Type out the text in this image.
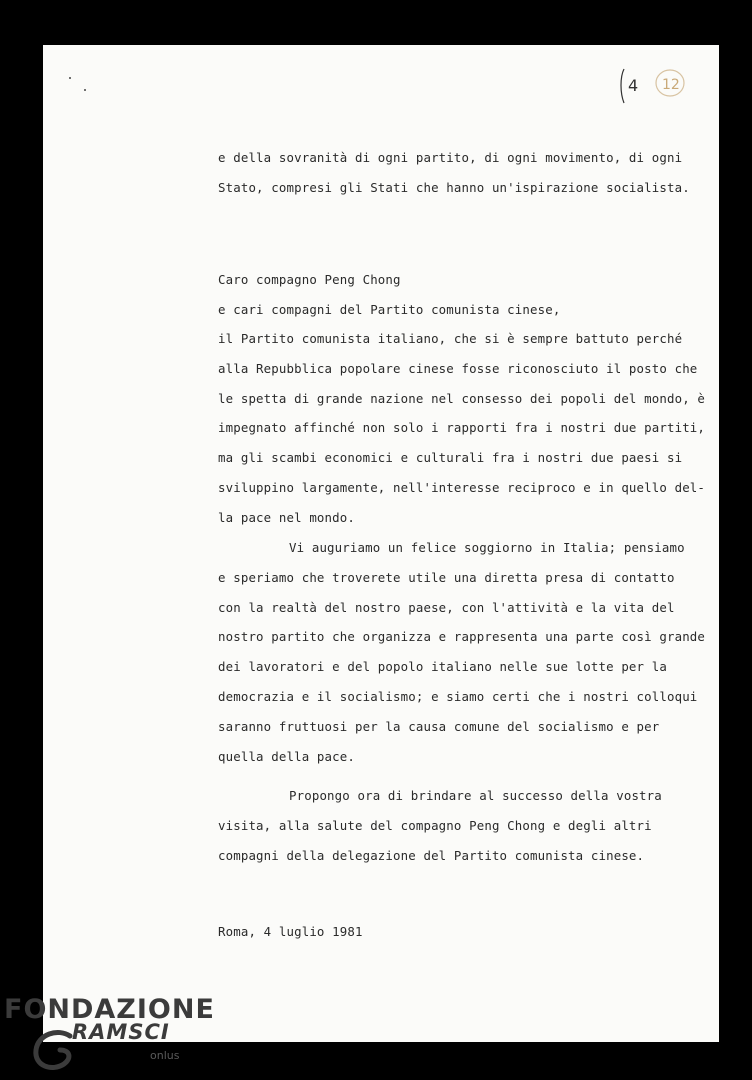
4 12
e della sovranità di ogni partito, di ogni movimento, di ogni
Stato, compresi gli Stati che hanno un'ispirazione socialista.
Caro compagno Peng Chong
e cari compagni del Partito comunista cinese,
il Partito comunista italiano, che si è sempre battuto perché
alla Repubblica popolare cinese fosse riconosciuto il posto che
le spetta di grande nazione nel consesso dei popoli del mondo, è
impegnato affinché non solo i rapporti fra i nostri due partiti,
ma gli scambi economici e culturali fra i nostri due paesi si
sviluppino largamente, nell'interesse reciproco e in quello del-
la pace nel mondo.
Vi auguriamo un felice soggiorno in Italia; pensiamo
e speriamo che troverete utile una diretta presa di contatto
con la realtà del nostro paese, con l'attività e la vita del
nostro partito che organizza e rappresenta una parte così grande
dei lavoratori e del popolo italiano nelle sue lotte per la
democrazia e il socialismo; e siamo certi che i nostri colloqui
saranno fruttuosi per la causa comune del socialismo e per
quella della pace.
Propongo ora di brindare al successo della vostra
visita, alla salute del compagno Peng Chong e degli altri
compagni della delegazione del Partito comunista cinese.
Roma, 4 luglio 1981
FONDAZIONE
RAMSCI
onlus
